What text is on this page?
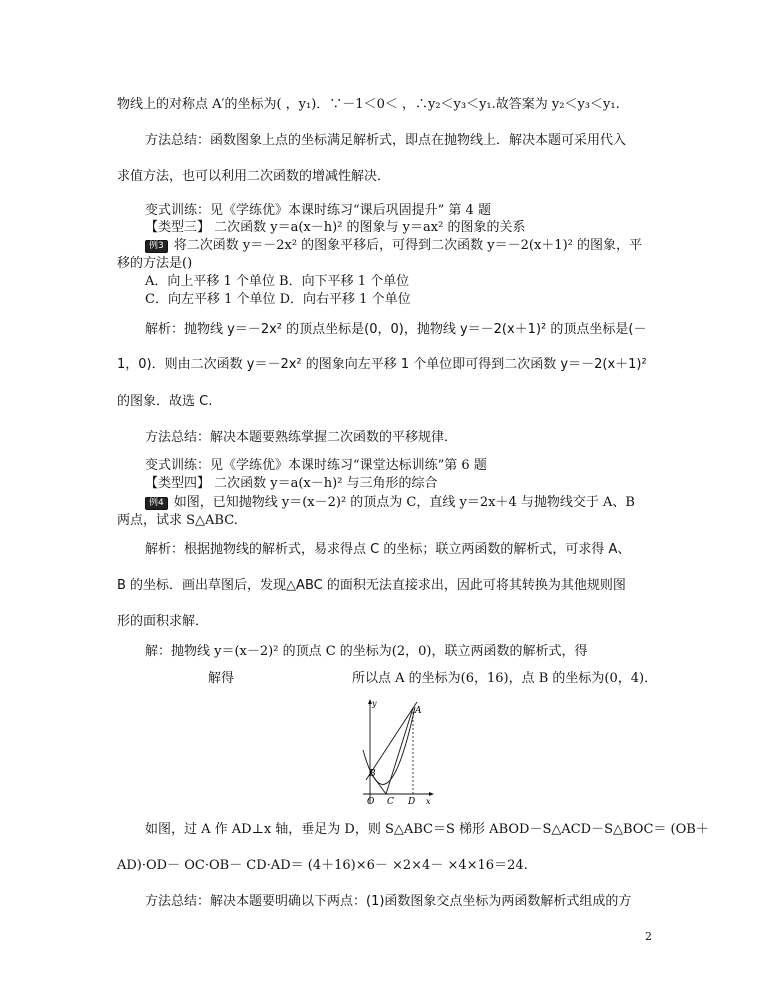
物线上的对称点 A′的坐标为( ，y₁)．∵－1＜0＜ ，∴y₂＜y₃＜y₁.故答案为 y₂＜y₃＜y₁.
方法总结：函数图象上点的坐标满足解析式，即点在抛物线上．解决本题可采用代入
求值方法，也可以利用二次函数的增减性解决．
变式训练：见《学练优》本课时练习“课后巩固提升” 第 4 题
【类型三】 二次函数 y＝a(x－h)² 的图象与 y＝ax² 的图象的关系
例3 将二次函数 y＝－2x² 的图象平移后，可得到二次函数 y＝－2(x＋1)² 的图象，平
移的方法是()
A．向上平移 1 个单位 B．向下平移 1 个单位
C．向左平移 1 个单位 D．向右平移 1 个单位
解析：抛物线 y＝－2x² 的顶点坐标是(0，0)，抛物线 y＝－2(x＋1)² 的顶点坐标是(－
1，0)．则由二次函数 y＝－2x² 的图象向左平移 1 个单位即可得到二次函数 y＝－2(x＋1)²
的图象．故选 C.
方法总结：解决本题要熟练掌握二次函数的平移规律．
变式训练：见《学练优》本课时练习“课堂达标训练”第 6 题
【类型四】 二次函数 y＝a(x－h)² 与三角形的综合
例4 如图，已知抛物线 y＝(x－2)² 的顶点为 C，直线 y＝2x＋4 与抛物线交于 A、B
两点，试求 S△ABC.
解析：根据抛物线的解析式，易求得点 C 的坐标；联立两函数的解析式，可求得 A、
B 的坐标．画出草图后，发现△ABC 的面积无法直接求出，因此可将其转换为其他规则图
形的面积求解．
解：抛物线 y＝(x－2)² 的顶点 C 的坐标为(2，0)，联立两函数的解析式，得
解得	所以点 A 的坐标为(6，16)，点 B 的坐标为(0，4)．
y
A
B
O C D x
如图，过 A 作 AD⊥x 轴，垂足为 D，则 S△ABC＝S 梯形 ABOD－S△ACD－S△BOC＝ (OB＋
AD)·OD－ OC·OB－ CD·AD＝ (4＋16)×6－ ×2×4－ ×4×16＝24.
方法总结：解决本题要明确以下两点：(1)函数图象交点坐标为两函数解析式组成的方
2
